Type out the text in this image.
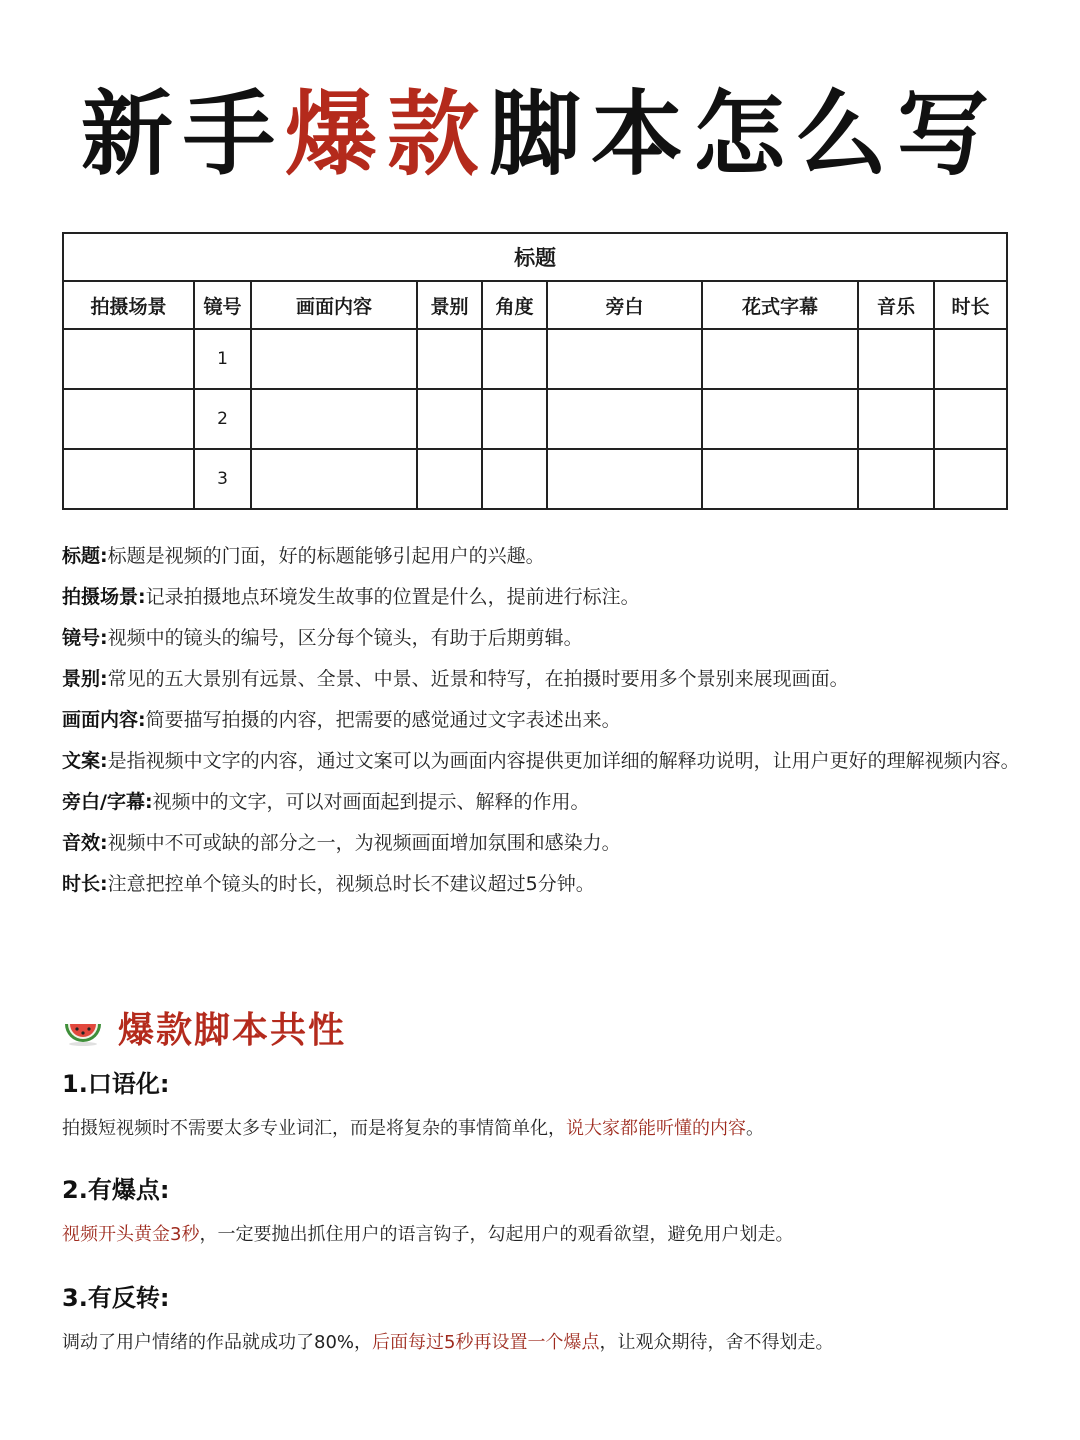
新手爆款脚本怎么写
标题								
拍摄场景	镜号	画面内容	景别	角度	旁白	花式字幕	音乐	时长
	1							
	2							
	3							

标题:标题是视频的门面，好的标题能够引起用户的兴趣。

拍摄场景:记录拍摄地点环境发生故事的位置是什么，提前进行标注。

镜号:视频中的镜头的编号，区分每个镜头，有助于后期剪辑。

景别:常见的五大景别有远景、全景、中景、近景和特写，在拍摄时要用多个景别来展现画面。

画面内容:简要描写拍摄的内容，把需要的感觉通过文字表述出来。

文案:是指视频中文字的内容，通过文案可以为画面内容提供更加详细的解释功说明，让用户更好的理解视频内容。

旁白/字幕:视频中的文字，可以对画面起到提示、解释的作用。

音效:视频中不可或缺的部分之一，为视频画面增加氛围和感染力。

时长:注意把控单个镜头的时长，视频总时长不建议超过5分钟。

爆款脚本共性
1.口语化:

拍摄短视频时不需要太多专业词汇，而是将复杂的事情简单化，说大家都能听懂的内容。

2.有爆点:

视频开头黄金3秒，一定要抛出抓住用户的语言钩子，勾起用户的观看欲望，避免用户划走。

3.有反转:

调动了用户情绪的作品就成功了80%，后面每过5秒再设置一个爆点，让观众期待，舍不得划走。
